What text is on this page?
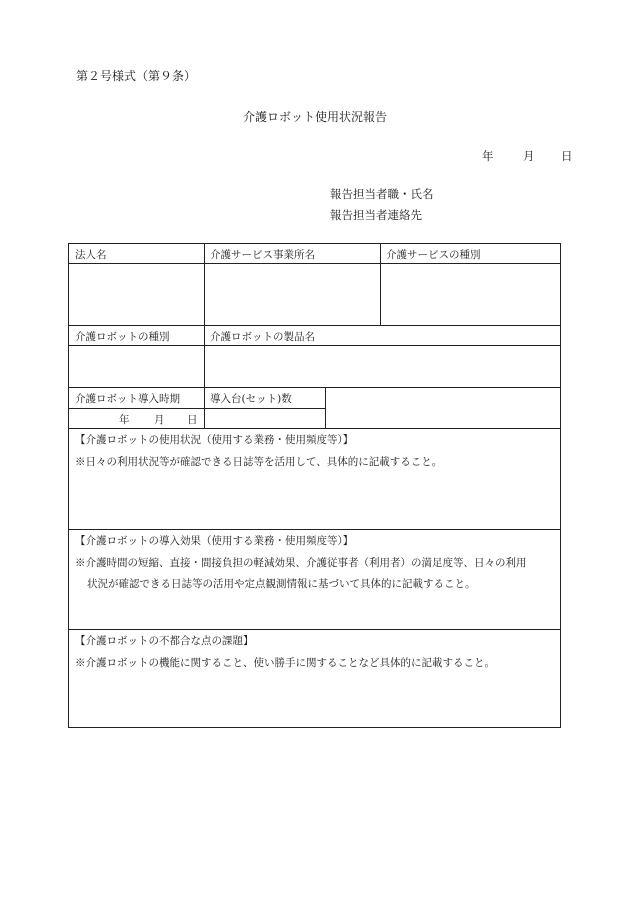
第２号様式（第９条）
介護ロボット使用状況報告
年	月 日
報告担当者職・氏名
報告担当者連絡先
法人名	介護サービス事業所名	介護サービスの種別
介護ロボットの種別	介護ロボットの製品名
介護ロボット導入時期	導入台(セット)数
年 月 日
【介護ロボットの使用状況（使用する業務・使用頻度等）】
※日々の利用状況等が確認できる日誌等を活用して、具体的に記載すること。
【介護ロボットの導入効果（使用する業務・使用頻度等）】
※介護時間の短縮、直接・間接負担の軽減効果、介護従事者（利用者）の満足度等、日々の利用
状況が確認できる日誌等の活用や定点観測情報に基づいて具体的に記載すること。
【介護ロボットの不都合な点の課題】
※介護ロボットの機能に関すること、使い勝手に関することなど具体的に記載すること。
